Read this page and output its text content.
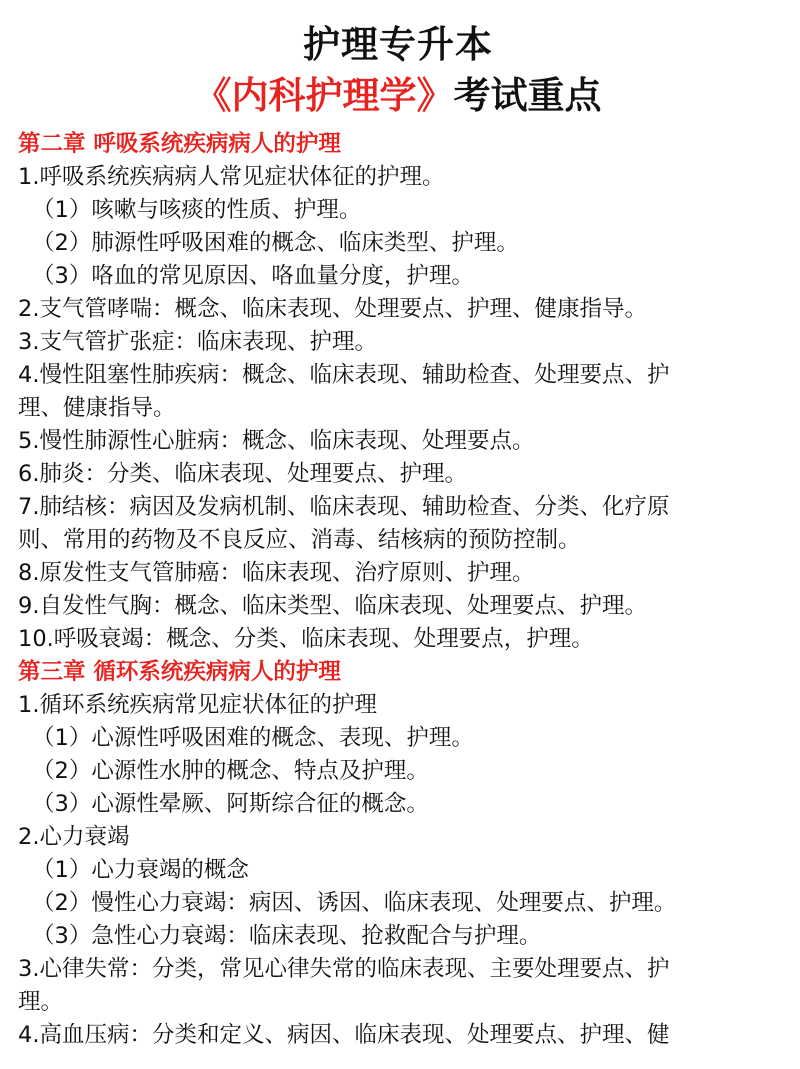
护理专升本
《内科护理学》考试重点
第二章 呼吸系统疾病病人的护理
1.呼吸系统疾病病人常见症状体征的护理。
（1）咳嗽与咳痰的性质、护理。
（2）肺源性呼吸困难的概念、临床类型、护理。
（3）咯血的常见原因、咯血量分度，护理。
2.支气管哮喘：概念、临床表现、处理要点、护理、健康指导。
3.支气管扩张症：临床表现、护理。
4.慢性阻塞性肺疾病：概念、临床表现、辅助检查、处理要点、护
理、健康指导。
5.慢性肺源性心脏病：概念、临床表现、处理要点。
6.肺炎：分类、临床表现、处理要点、护理。
7.肺结核：病因及发病机制、临床表现、辅助检查、分类、化疗原
则、常用的药物及不良反应、消毒、结核病的预防控制。
8.原发性支气管肺癌：临床表现、治疗原则、护理。
9.自发性气胸：概念、临床类型、临床表现、处理要点、护理。
10.呼吸衰竭：概念、分类、临床表现、处理要点，护理。
第三章 循环系统疾病病人的护理
1.循环系统疾病常见症状体征的护理
（1）心源性呼吸困难的概念、表现、护理。
（2）心源性水肿的概念、特点及护理。
（3）心源性晕厥、阿斯综合征的概念。
2.心力衰竭
（1）心力衰竭的概念
（2）慢性心力衰竭：病因、诱因、临床表现、处理要点、护理。
（3）急性心力衰竭：临床表现、抢救配合与护理。
3.心律失常：分类，常见心律失常的临床表现、主要处理要点、护
理。
4.高血压病：分类和定义、病因、临床表现、处理要点、护理、健
